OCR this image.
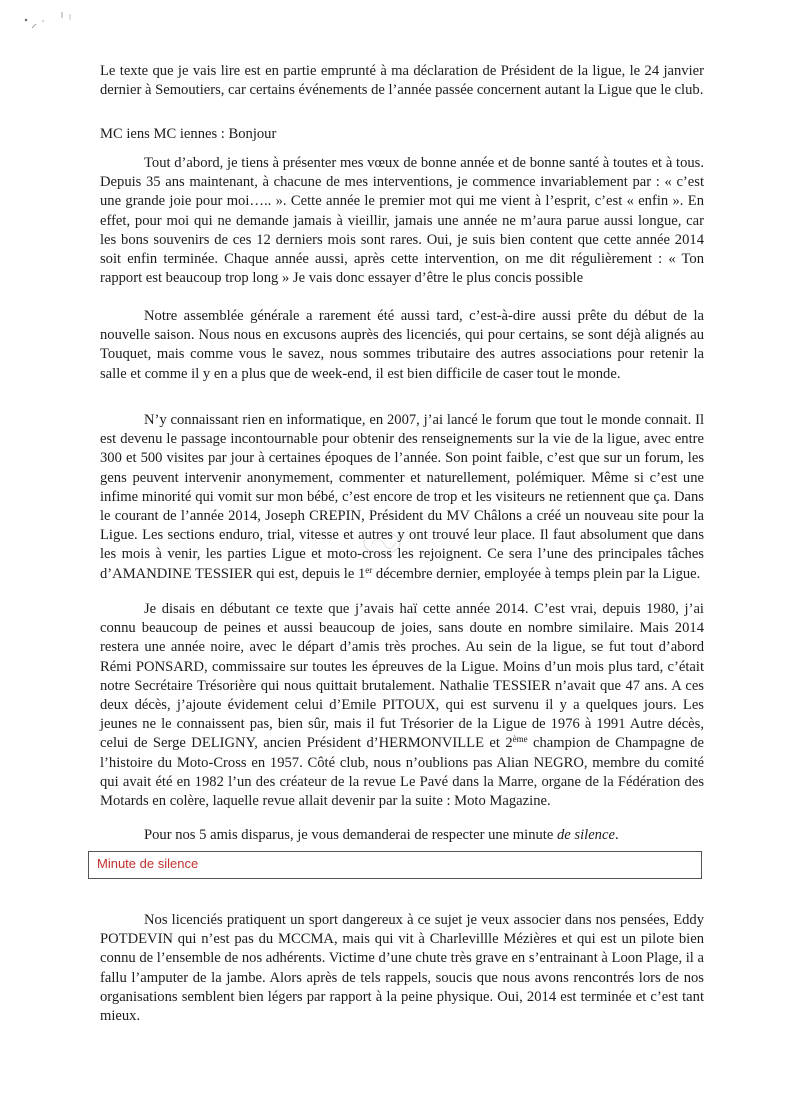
Le texte que je vais lire est en partie emprunté à ma déclaration de Président de la ligue, le 24 janvier dernier à Semoutiers, car certains événements de l’année passée concernent autant la Ligue que le club.

MC iens MC iennes : Bonjour

Tout d’abord, je tiens à présenter mes vœux de bonne année et de bonne santé à toutes et à tous. Depuis 35 ans maintenant, à chacune de mes interventions, je commence invariablement par : « c’est une grande joie pour moi….. ». Cette année le premier mot qui me vient à l’esprit, c’est « enfin ». En effet, pour moi qui ne demande jamais à vieillir, jamais une année ne m’aura parue aussi longue, car les bons souvenirs de ces 12 derniers mois sont rares. Oui, je suis bien content que cette année 2014 soit enfin terminée. Chaque année aussi, après cette intervention, on me dit régulièrement : « Ton rapport est beaucoup trop long » Je vais donc essayer d’être le plus concis possible

Notre assemblée générale a rarement été aussi tard, c’est-à-dire aussi prête du début de la nouvelle saison. Nous nous en excusons auprès des licenciés, qui pour certains, se sont déjà alignés au Touquet, mais comme vous le savez, nous sommes tributaire des autres associations pour retenir la salle et comme il y en a plus que de week-end, il est bien difficile de caser tout le monde.

N’y connaissant rien en informatique, en 2007, j’ai lancé le forum que tout le monde connait. Il est devenu le passage incontournable pour obtenir des renseignements sur la vie de la ligue, avec entre 300 et 500 visites par jour à certaines époques de l’année. Son point faible, c’est que sur un forum, les gens peuvent intervenir anonymement, commenter et naturellement, polémiquer. Même si c’est une infime minorité qui vomit sur mon bébé, c’est encore de trop et les visiteurs ne retiennent que ça. Dans le courant de l’année 2014, Joseph CREPIN, Président du MV Châlons a créé un nouveau site pour la Ligue. Les sections enduro, trial, vitesse et autres y ont trouvé leur place. Il faut absolument que dans les mois à venir, les parties Ligue et moto-cross les rejoignent. Ce sera l’une des principales tâches d’AMANDINE TESSIER qui est, depuis le 1er décembre dernier, employée à temps plein par la Ligue.

Je disais en débutant ce texte que j’avais haï cette année 2014. C’est vrai, depuis 1980, j’ai connu beaucoup de peines et aussi beaucoup de joies, sans doute en nombre similaire. Mais 2014 restera une année noire, avec le départ d’amis très proches. Au sein de la ligue, se fut tout d’abord Rémi PONSARD, commissaire sur toutes les épreuves de la Ligue. Moins d’un mois plus tard, c’était notre Secrétaire Trésorière qui nous quittait brutalement. Nathalie TESSIER n’avait que 47 ans. A ces deux décès, j’ajoute évidement celui d’Emile PITOUX, qui est survenu il y a quelques jours. Les jeunes ne le connaissent pas, bien sûr, mais il fut Trésorier de la Ligue de 1976 à 1991 Autre décès, celui de Serge DELIGNY, ancien Président d’HERMONVILLE et 2ème champion de Champagne de l’histoire du Moto-Cross en 1957. Côté club, nous n’oublions pas Alian NEGRO, membre du comité qui avait été en 1982 l’un des créateur de la revue Le Pavé dans la Marre, organe de la Fédération des Motards en colère, laquelle revue allait devenir par la suite : Moto Magazine.

Pour nos 5 amis disparus, je vous demanderai de respecter une minute de silence.

Minute de silence

Nos licenciés pratiquent un sport dangereux à ce sujet je veux associer dans nos pensées, Eddy POTDEVIN qui n’est pas du MCCMA, mais qui vit à Charlevillle Mézières et qui est un pilote bien connu de l’ensemble de nos adhérents. Victime d’une chute très grave en s’entrainant à Loon Plage, il a fallu l’amputer de la jambe. Alors après de tels rappels, soucis que nous avons rencontrés lors de nos organisations semblent bien légers par rapport à la peine physique. Oui, 2014 est terminée et c’est tant mieux.
